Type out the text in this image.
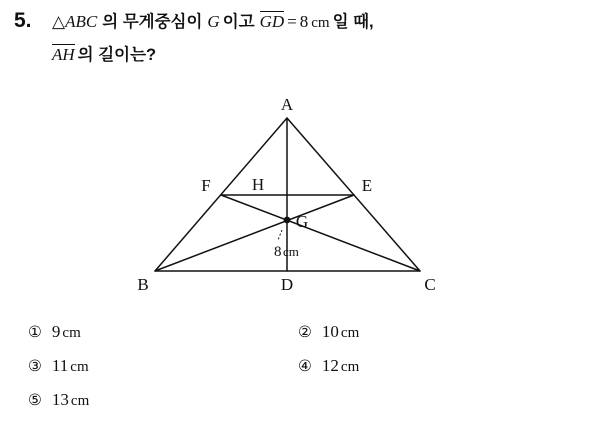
5.	△ABC 의 무게중심이 G 이고 GD = 8 cm 일 때,
AH 의 길이는?
A
B	C
D
E
F
G
H
8 cm
① 9 cm	② 10 cm
③ 11 cm	④ 12 cm
⑤ 13 cm
